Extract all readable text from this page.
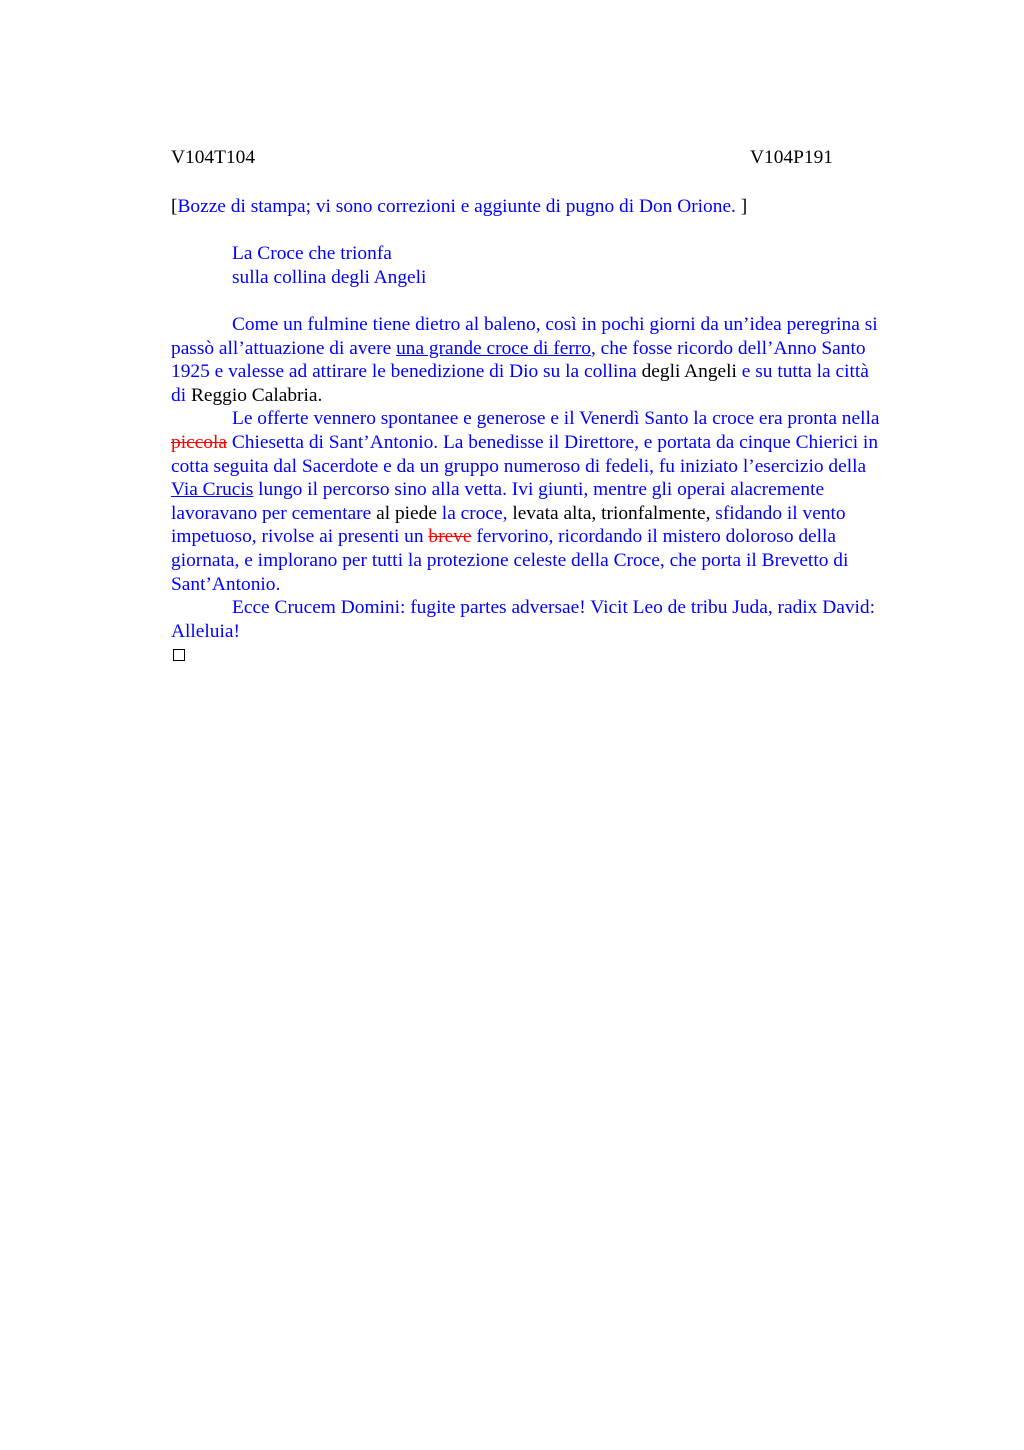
V104T104	V104P191
[Bozze di stampa; vi sono correzioni e aggiunte di pugno di Don Orione. ]
La Croce che trionfa
sulla collina degli Angeli
Come un fulmine tiene dietro al baleno, così in pochi giorni da un’idea peregrina si
passò all’attuazione di avere una grande croce di ferro, che fosse ricordo dell’Anno Santo
1925 e valesse ad attirare le benedizione di Dio su la collina degli Angeli e su tutta la città
di Reggio Calabria.
Le offerte vennero spontanee e generose e il Venerdì Santo la croce era pronta nella
piccola Chiesetta di Sant’Antonio. La benedisse il Direttore, e portata da cinque Chierici in
cotta seguita dal Sacerdote e da un gruppo numeroso di fedeli, fu iniziato l’esercizio della
Via Crucis lungo il percorso sino alla vetta. Ivi giunti, mentre gli operai alacremente
lavoravano per cementare al piede la croce, levata alta, trionfalmente, sfidando il vento
impetuoso, rivolse ai presenti un breve fervorino, ricordando il mistero doloroso della
giornata, e implorano per tutti la protezione celeste della Croce, che porta il Brevetto di
Sant’Antonio.
Ecce Crucem Domini: fugite partes adversae! Vicit Leo de tribu Juda, radix David:
Alleluia!
